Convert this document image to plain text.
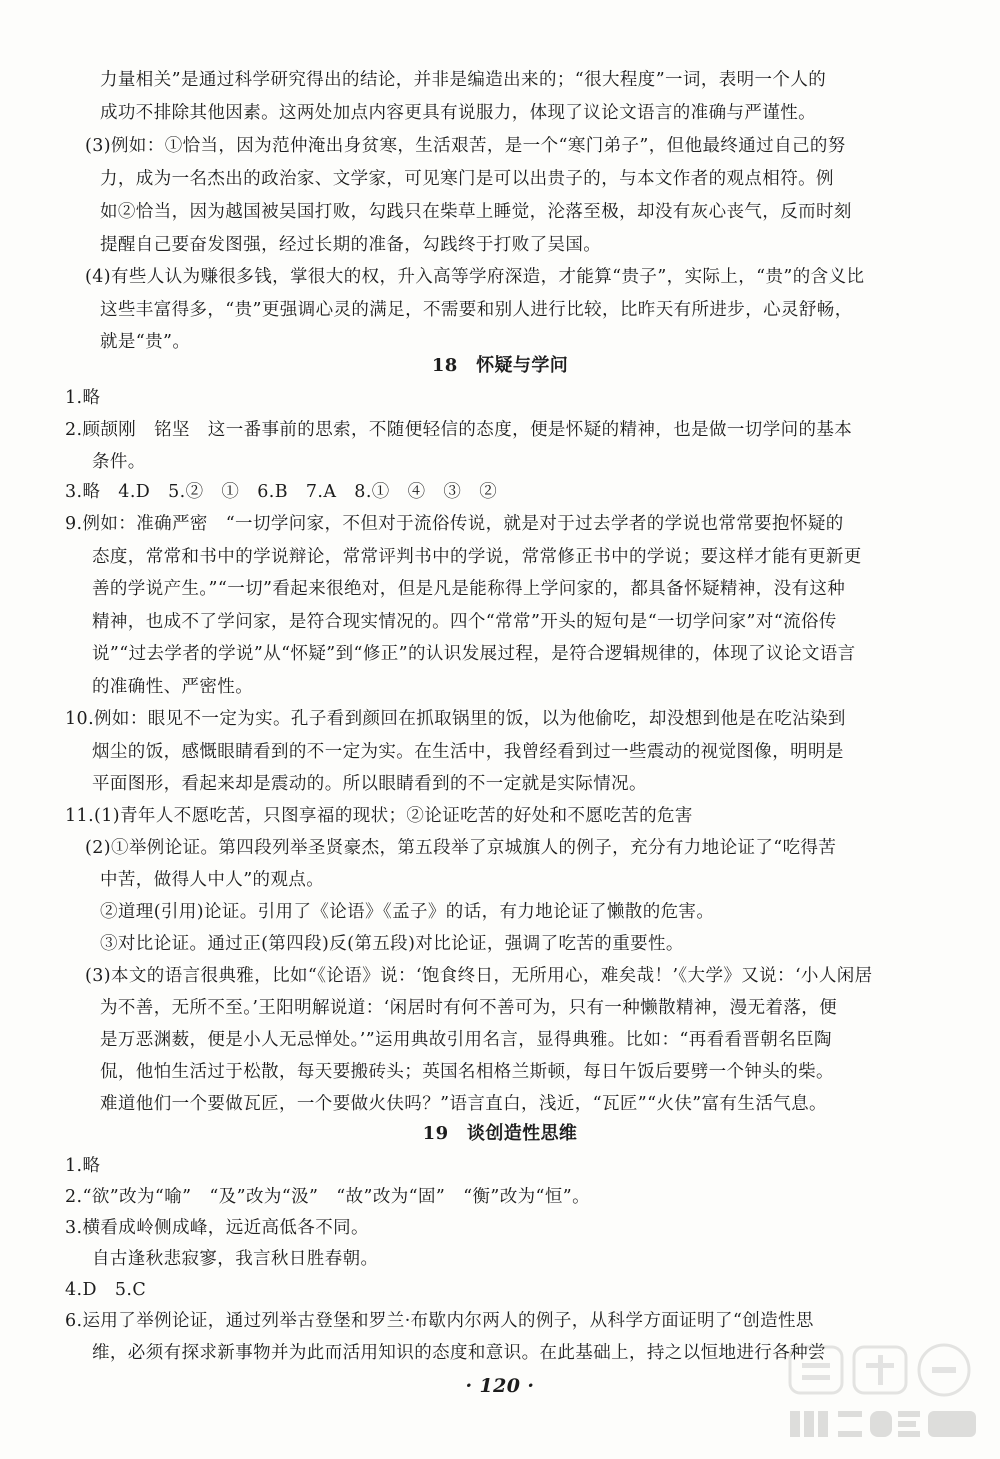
力量相关”是通过科学研究得出的结论，并非是编造出来的；“很大程度”一词，表明一个人的
成功不排除其他因素。这两处加点内容更具有说服力，体现了议论文语言的准确与严谨性。
(3)例如：①恰当，因为范仲淹出身贫寒，生活艰苦，是一个“寒门弟子”，但他最终通过自己的努
力，成为一名杰出的政治家、文学家，可见寒门是可以出贵子的，与本文作者的观点相符。例
如②恰当，因为越国被吴国打败，勾践只在柴草上睡觉，沦落至极，却没有灰心丧气，反而时刻
提醒自己要奋发图强，经过长期的准备，勾践终于打败了吴国。
(4)有些人认为赚很多钱，掌很大的权，升入高等学府深造，才能算“贵子”，实际上，“贵”的含义比
这些丰富得多，“贵”更强调心灵的满足，不需要和别人进行比较，比昨天有所进步，心灵舒畅，
就是“贵”。
18　怀疑与学问
1.略
2.顾颉刚　铭坚　这一番事前的思索，不随便轻信的态度，便是怀疑的精神，也是做一切学问的基本
条件。
3.略　4.D　5.②　①　6.B　7.A　8.①　④　③　②
9.例如：准确严密　“一切学问家，不但对于流俗传说，就是对于过去学者的学说也常常要抱怀疑的
态度，常常和书中的学说辩论，常常评判书中的学说，常常修正书中的学说；要这样才能有更新更
善的学说产生。”“一切”看起来很绝对，但是凡是能称得上学问家的，都具备怀疑精神，没有这种
精神，也成不了学问家，是符合现实情况的。四个“常常”开头的短句是“一切学问家”对“流俗传
说”“过去学者的学说”从“怀疑”到“修正”的认识发展过程，是符合逻辑规律的，体现了议论文语言
的准确性、严密性。
10.例如：眼见不一定为实。孔子看到颜回在抓取锅里的饭，以为他偷吃，却没想到他是在吃沾染到
烟尘的饭，感慨眼睛看到的不一定为实。在生活中，我曾经看到过一些震动的视觉图像，明明是
平面图形，看起来却是震动的。所以眼睛看到的不一定就是实际情况。
11.(1)青年人不愿吃苦，只图享福的现状；②论证吃苦的好处和不愿吃苦的危害
(2)①举例论证。第四段列举圣贤豪杰，第五段举了京城旗人的例子，充分有力地论证了“吃得苦
中苦，做得人中人”的观点。
②道理(引用)论证。引用了《论语》《孟子》的话，有力地论证了懒散的危害。
③对比论证。通过正(第四段)反(第五段)对比论证，强调了吃苦的重要性。
(3)本文的语言很典雅，比如“《论语》说：‘饱食终日，无所用心，难矣哉！’《大学》又说：‘小人闲居
为不善，无所不至。’王阳明解说道：‘闲居时有何不善可为，只有一种懒散精神，漫无着落，便
是万恶渊薮，便是小人无忌惮处。’”运用典故引用名言，显得典雅。比如：“再看看晋朝名臣陶
侃，他怕生活过于松散，每天要搬砖头；英国名相格兰斯顿，每日午饭后要劈一个钟头的柴。
难道他们一个要做瓦匠，一个要做火伕吗？”语言直白，浅近，“瓦匠”“火伕”富有生活气息。
19　谈创造性思维
1.略
2.“欲”改为“喻”　“及”改为“汲”　“故”改为“固”　“衡”改为“恒”。
3.横看成岭侧成峰，远近高低各不同。
自古逢秋悲寂寥，我言秋日胜春朝。
4.D　5.C
6.运用了举例论证，通过列举古登堡和罗兰·布歇内尔两人的例子，从科学方面证明了“创造性思
维，必须有探求新事物并为此而活用知识的态度和意识。在此基础上，持之以恒地进行各种尝
· 120 ·
